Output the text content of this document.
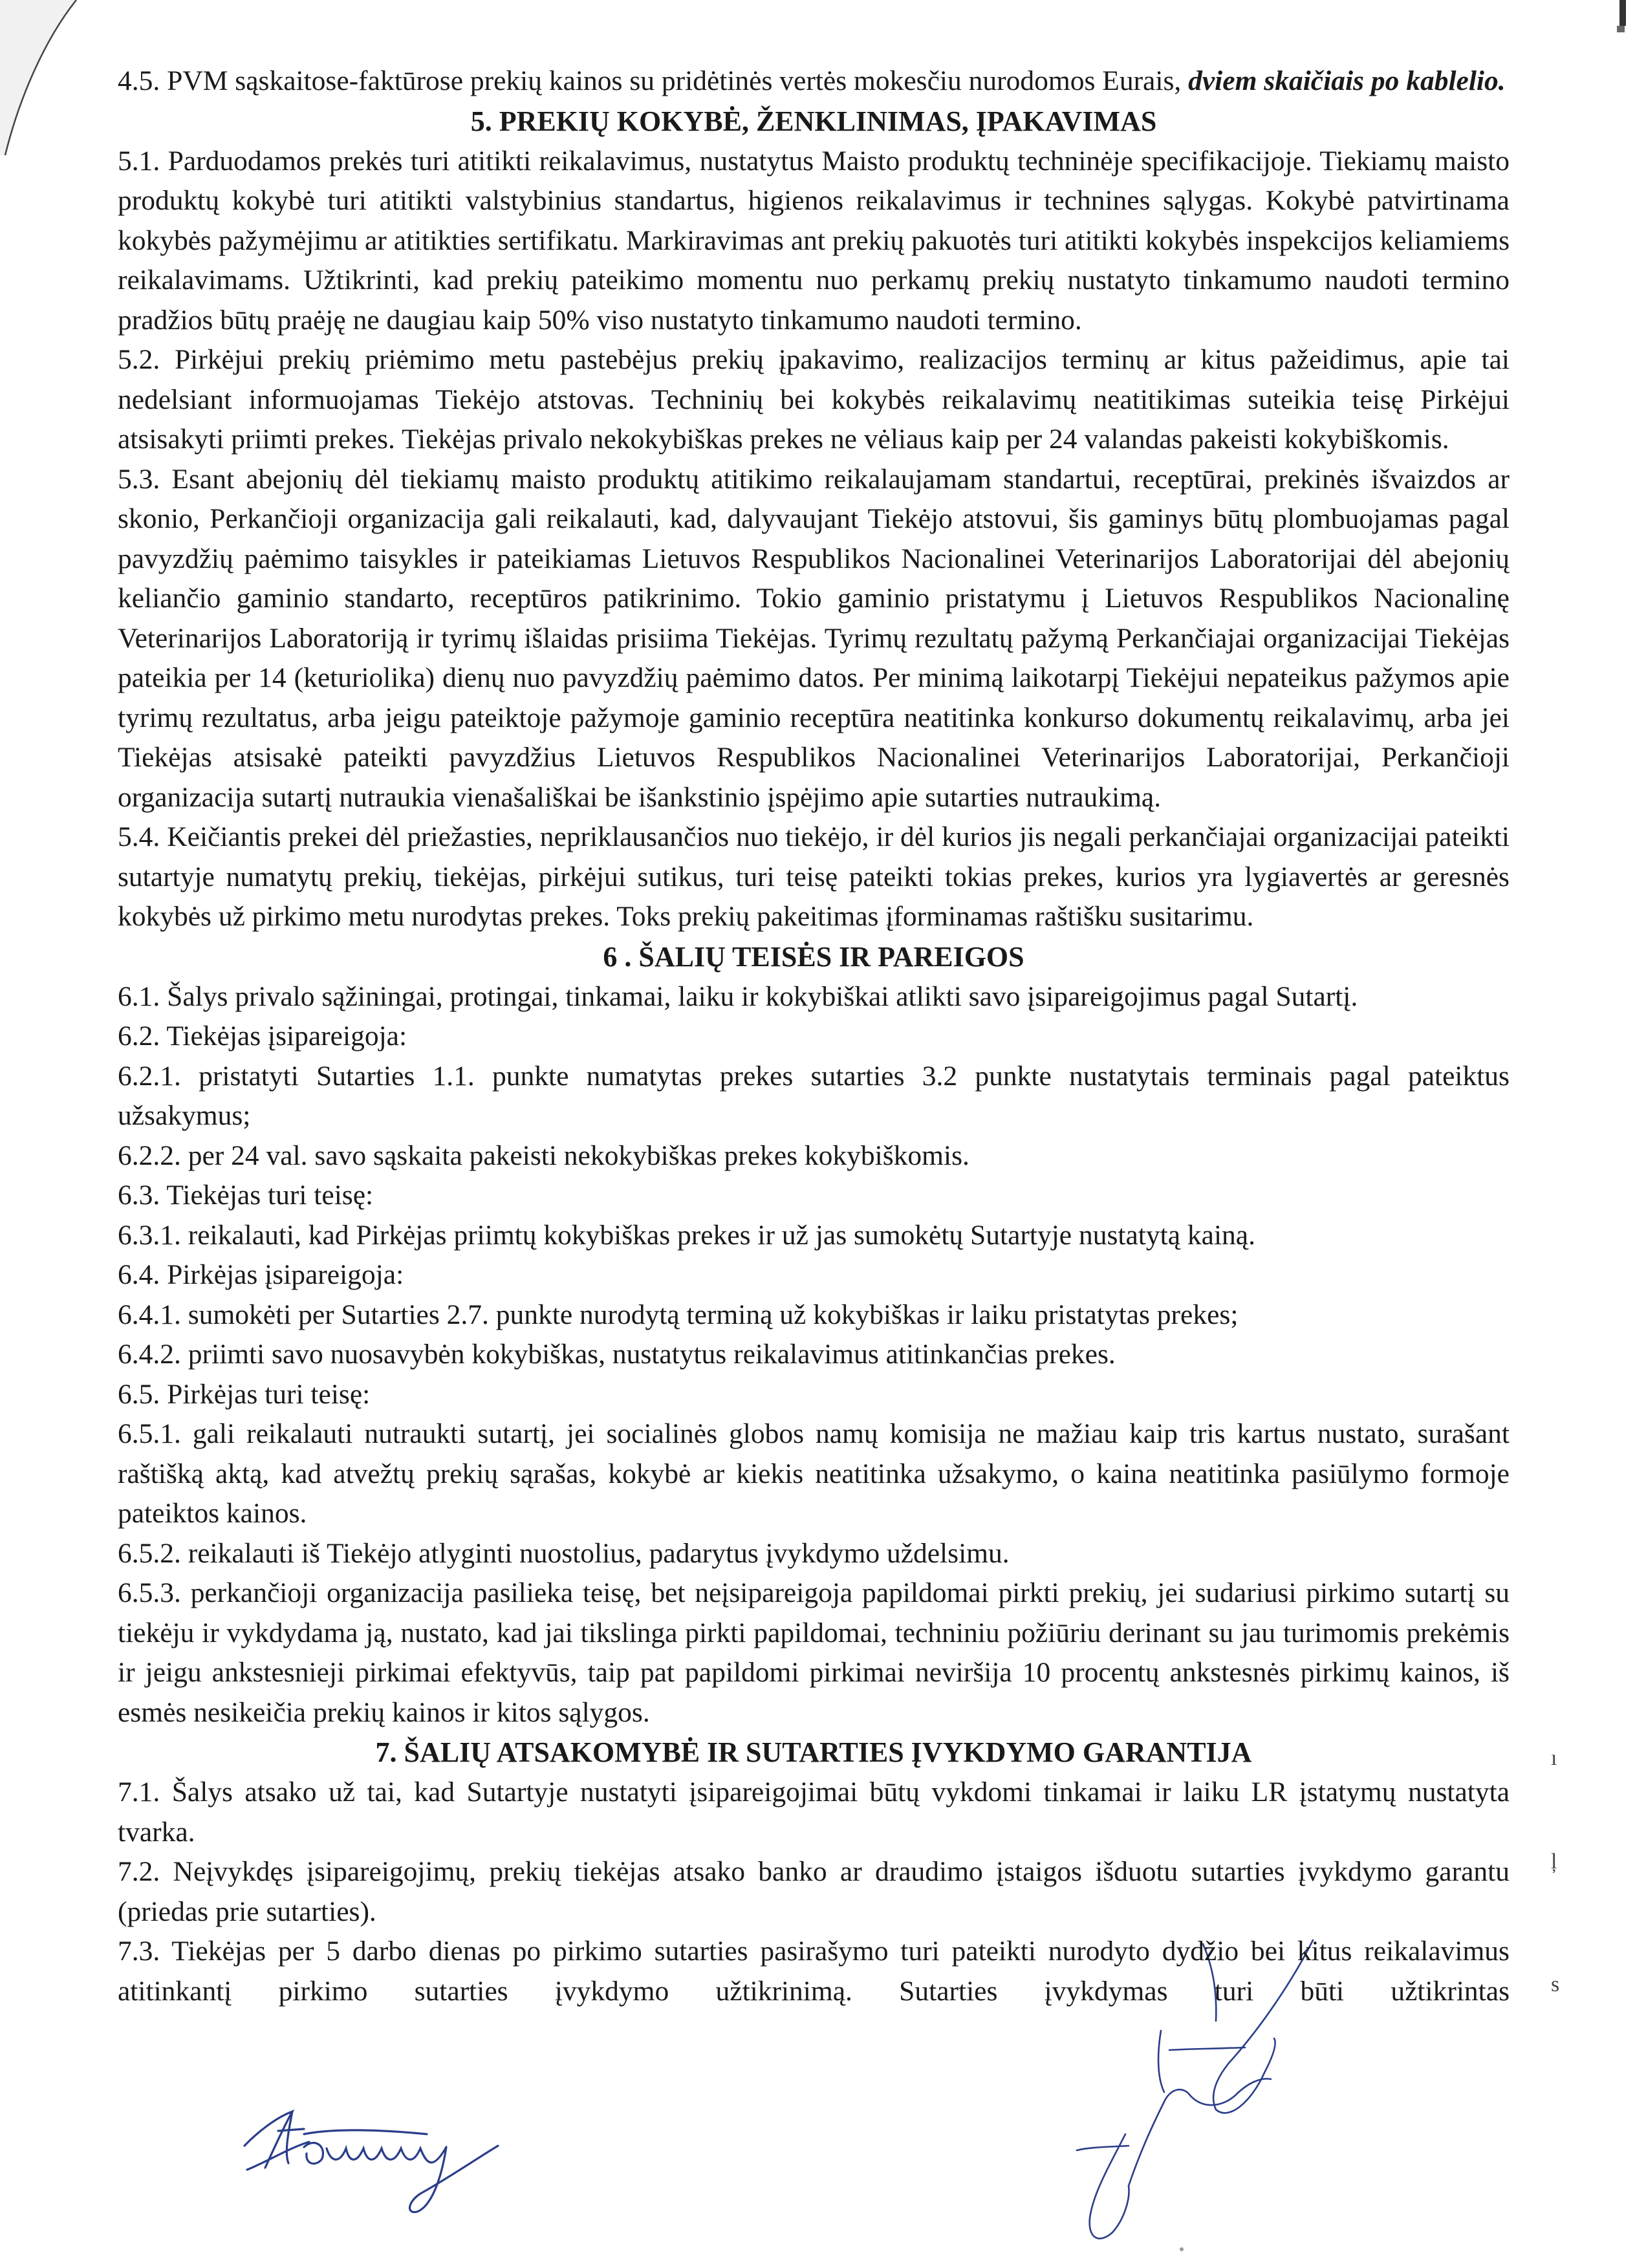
4.5. PVM sąskaitose-faktūrose prekių kainos su pridėtinės vertės mokesčiu nurodomos Eurais, dviem skaičiais po kablelio.

5. PREKIŲ KOKYBĖ, ŽENKLINIMAS, ĮPAKAVIMAS

5.1. Parduodamos prekės turi atitikti reikalavimus, nustatytus Maisto produktų techninėje specifikacijoje. Tiekiamų maisto produktų kokybė turi atitikti valstybinius standartus, higienos reikalavimus ir technines sąlygas. Kokybė patvirtinama kokybės pažymėjimu ar atitikties sertifikatu. Markiravimas ant prekių pakuotės turi atitikti kokybės inspekcijos keliamiems reikalavimams. Užtikrinti, kad prekių pateikimo momentu nuo perkamų prekių nustatyto tinkamumo naudoti termino pradžios būtų praėję ne daugiau kaip 50% viso nustatyto tinkamumo naudoti termino.

5.2. Pirkėjui prekių priėmimo metu pastebėjus prekių įpakavimo, realizacijos terminų ar kitus pažeidimus, apie tai nedelsiant informuojamas Tiekėjo atstovas. Techninių bei kokybės reikalavimų neatitikimas suteikia teisę Pirkėjui atsisakyti priimti prekes. Tiekėjas privalo nekokybiškas prekes ne vėliaus kaip per 24 valandas pakeisti kokybiškomis.

5.3. Esant abejonių dėl tiekiamų maisto produktų atitikimo reikalaujamam standartui, receptūrai, prekinės išvaizdos ar skonio, Perkančioji organizacija gali reikalauti, kad, dalyvaujant Tiekėjo atstovui, šis gaminys būtų plombuojamas pagal pavyzdžių paėmimo taisykles ir pateikiamas Lietuvos Respublikos Nacionalinei Veterinarijos Laboratorijai dėl abejonių keliančio gaminio standarto, receptūros patikrinimo. Tokio gaminio pristatymu į Lietuvos Respublikos Nacionalinę Veterinarijos Laboratoriją ir tyrimų išlaidas prisiima Tiekėjas. Tyrimų rezultatų pažymą Perkančiajai organizacijai Tiekėjas pateikia per 14 (keturiolika) dienų nuo pavyzdžių paėmimo datos. Per minimą laikotarpį Tiekėjui nepateikus pažymos apie tyrimų rezultatus, arba jeigu pateiktoje pažymoje gaminio receptūra neatitinka konkurso dokumentų reikalavimų, arba jei Tiekėjas atsisakė pateikti pavyzdžius Lietuvos Respublikos Nacionalinei Veterinarijos Laboratorijai, Perkančioji organizacija sutartį nutraukia vienašališkai be išankstinio įspėjimo apie sutarties nutraukimą.

5.4. Keičiantis prekei dėl priežasties, nepriklausančios nuo tiekėjo, ir dėl kurios jis negali perkančiajai organizacijai pateikti sutartyje numatytų prekių, tiekėjas, pirkėjui sutikus, turi teisę pateikti tokias prekes, kurios yra lygiavertės ar geresnės kokybės už pirkimo metu nurodytas prekes. Toks prekių pakeitimas įforminamas raštišku susitarimu.

6 . ŠALIŲ TEISĖS IR PAREIGOS

6.1. Šalys privalo sąžiningai, protingai, tinkamai, laiku ir kokybiškai atlikti savo įsipareigojimus pagal Sutartį.

6.2. Tiekėjas įsipareigoja:

6.2.1. pristatyti Sutarties 1.1. punkte numatytas prekes sutarties 3.2 punkte nustatytais terminais pagal pateiktus užsakymus;

6.2.2. per 24 val. savo sąskaita pakeisti nekokybiškas prekes kokybiškomis.

6.3. Tiekėjas turi teisę:

6.3.1. reikalauti, kad Pirkėjas priimtų kokybiškas prekes ir už jas sumokėtų Sutartyje nustatytą kainą.

6.4. Pirkėjas įsipareigoja:

6.4.1. sumokėti per Sutarties 2.7. punkte nurodytą terminą už kokybiškas ir laiku pristatytas prekes;

6.4.2. priimti savo nuosavybėn kokybiškas, nustatytus reikalavimus atitinkančias prekes.

6.5. Pirkėjas turi teisę:

6.5.1. gali reikalauti nutraukti sutartį, jei socialinės globos namų komisija ne mažiau kaip tris kartus nustato, surašant raštišką aktą, kad atvežtų prekių sąrašas, kokybė ar kiekis neatitinka užsakymo, o kaina neatitinka pasiūlymo formoje pateiktos kainos.

6.5.2. reikalauti iš Tiekėjo atlyginti nuostolius, padarytus įvykdymo uždelsimu.

6.5.3. perkančioji organizacija pasilieka teisę, bet neįsipareigoja papildomai pirkti prekių, jei sudariusi pirkimo sutartį su tiekėju ir vykdydama ją, nustato, kad jai tikslinga pirkti papildomai, techniniu požiūriu derinant su jau turimomis prekėmis ir jeigu ankstesnieji pirkimai efektyvūs, taip pat papildomi pirkimai neviršija 10 procentų ankstesnės pirkimų kainos, iš esmės nesikeičia prekių kainos ir kitos sąlygos.

7. ŠALIŲ ATSAKOMYBĖ IR SUTARTIES ĮVYKDYMO GARANTIJA

7.1. Šalys atsako už tai, kad Sutartyje nustatyti įsipareigojimai būtų vykdomi tinkamai ir laiku LR įstatymų nustatyta tvarka.

7.2. Neįvykdęs įsipareigojimų, prekių tiekėjas atsako banko ar draudimo įstaigos išduotu sutarties įvykdymo garantu (priedas prie sutarties).

7.3. Tiekėjas per 5 darbo dienas po pirkimo sutarties pasirašymo turi pateikti nurodyto dydžio bei kitus reikalavimus atitinkantį pirkimo sutarties įvykdymo užtikrinimą. Sutarties įvykdymas turi būti užtikrintas

ı
ļ
s
